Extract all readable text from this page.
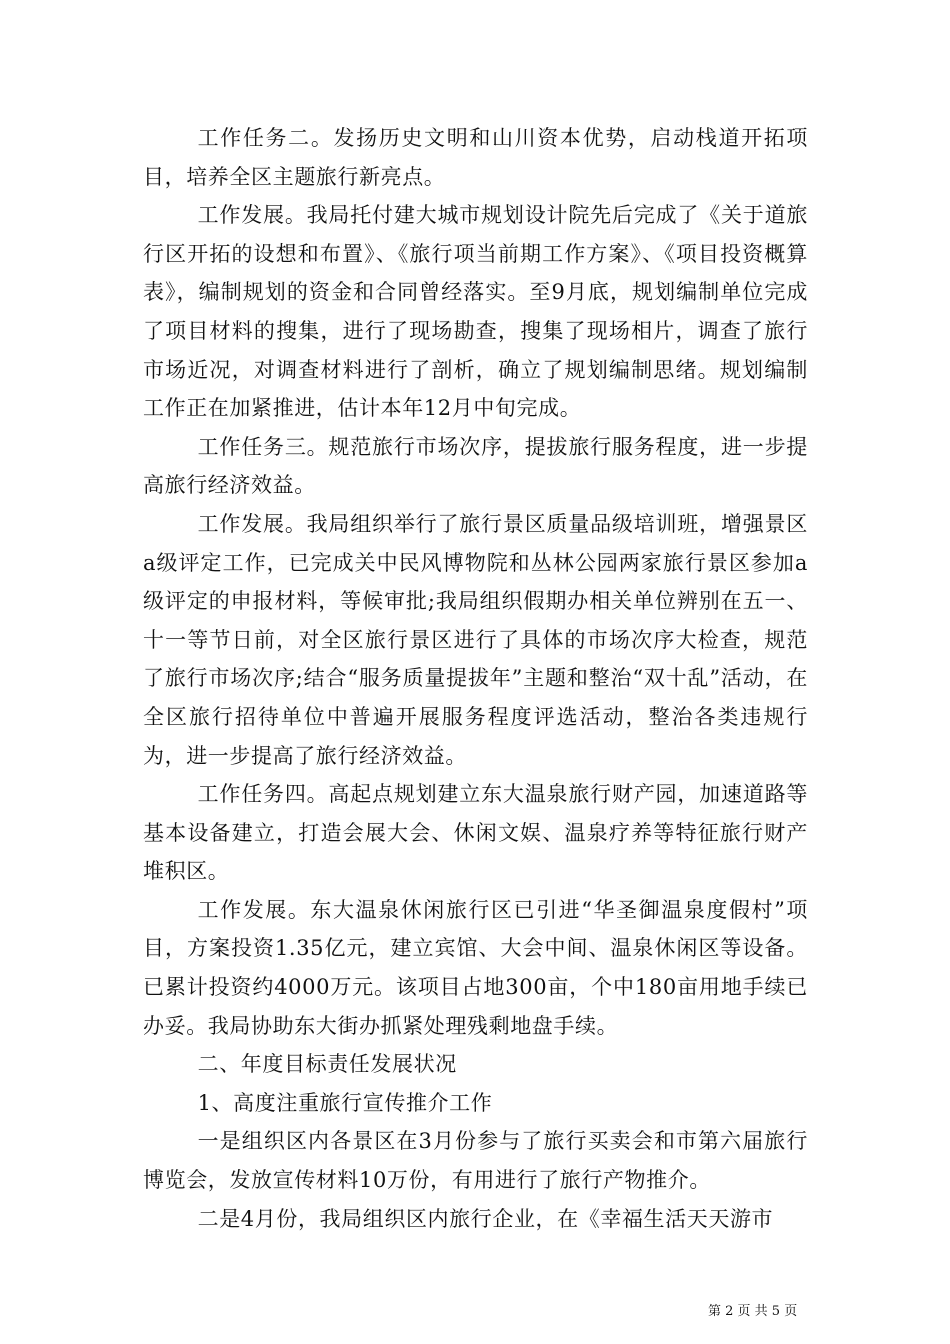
工作任务二。发扬历史文明和山川资本优势，启动栈道开拓项目，培养全区主题旅行新亮点。

工作发展。我局托付建大城市规划设计院先后完成了《关于道旅行区开拓的设想和布置》、《旅行项当前期工作方案》、《项目投资概算表》，编制规划的资金和合同曾经落实。至9月底，规划编制单位完成了项目材料的搜集，进行了现场勘查，搜集了现场相片，调查了旅行市场近况，对调查材料进行了剖析，确立了规划编制思绪。规划编制工作正在加紧推进，估计本年12月中旬完成。

工作任务三。规范旅行市场次序，提拔旅行服务程度，进一步提高旅行经济效益。

工作发展。我局组织举行了旅行景区质量品级培训班，增强景区a级评定工作，已完成关中民风博物院和丛林公园两家旅行景区参加a级评定的申报材料，等候审批;我局组织假期办相关单位辨别在五一、十一等节日前，对全区旅行景区进行了具体的市场次序大检查，规范了旅行市场次序;结合“服务质量提拔年”主题和整治“双十乱”活动，在全区旅行招待单位中普遍开展服务程度评选活动，整治各类违规行为，进一步提高了旅行经济效益。

工作任务四。高起点规划建立东大温泉旅行财产园，加速道路等基本设备建立，打造会展大会、休闲文娱、温泉疗养等特征旅行财产堆积区。

工作发展。东大温泉休闲旅行区已引进“华圣御温泉度假村”项目，方案投资1.35亿元，建立宾馆、大会中间、温泉休闲区等设备。已累计投资约4000万元。该项目占地300亩，个中180亩用地手续已办妥。我局协助东大街办抓紧处理残剩地盘手续。

二、年度目标责任发展状况

1、高度注重旅行宣传推介工作

一是组织区内各景区在3月份参与了旅行买卖会和市第六届旅行博览会，发放宣传材料10万份，有用进行了旅行产物推介。

二是4月份，我局组织区内旅行企业，在《幸福生活天天游市

第 2 页 共 5 页
